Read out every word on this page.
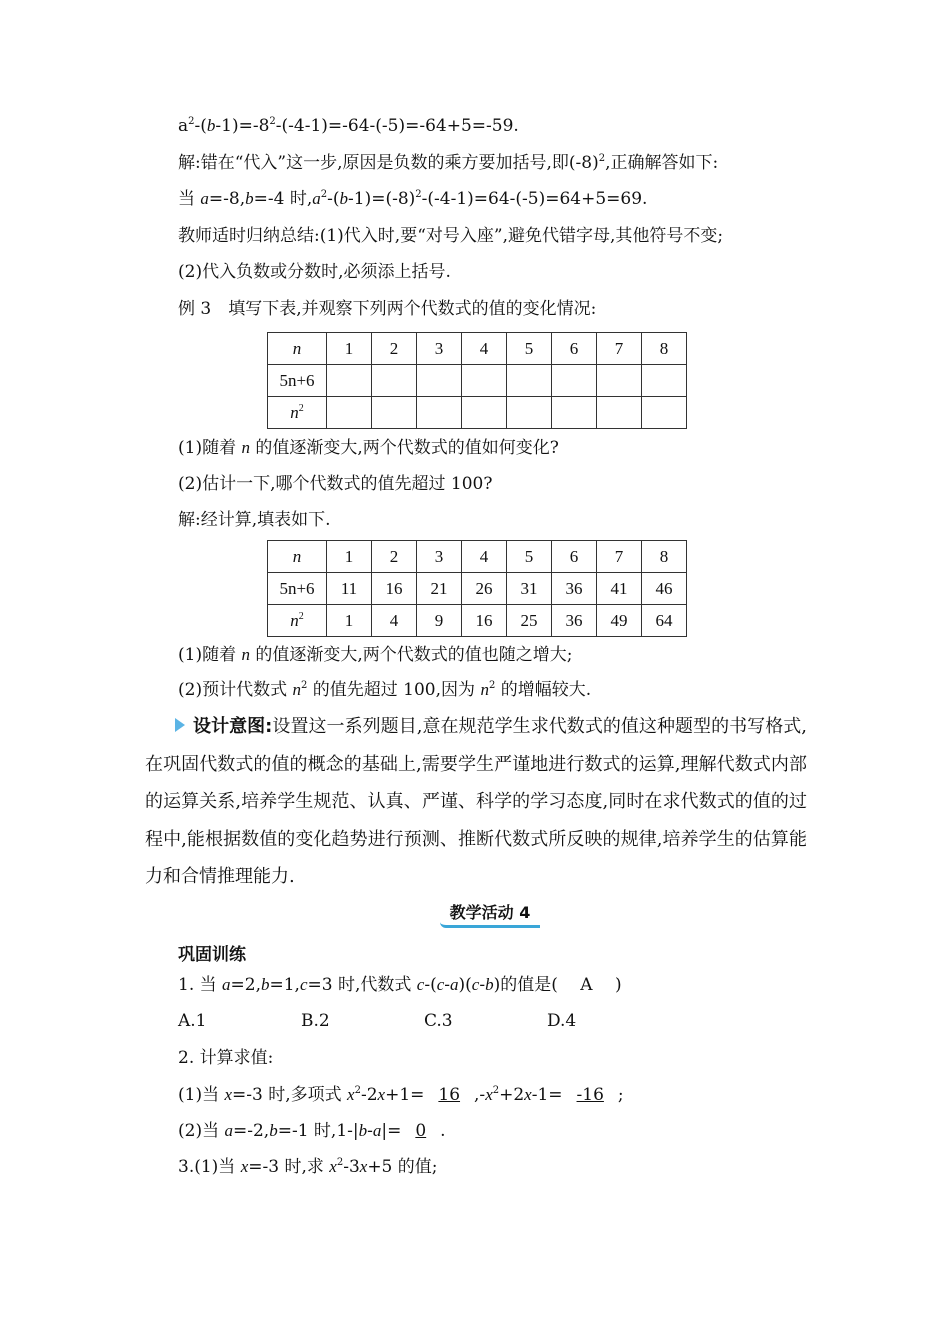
$a^2-(b-1)=-8^2-(-4-1)=-64-(-5)=-64+5=-59$.
解:错在“代入”这一步,原因是负数的乘方要加括号,即$(-8)^2$,正确解答如下:
当 a=-8,b=-4 时$,a^2-(b-1)=(-8)^2-(-4-1)=64-(-5)=64+5=69$.
教师适时归纳总结:(1)代入时,要“对号入座”,避免代错字母,其他符号不变;
(2)代入负数或分数时,必须添上括号.
例 3　填写下表,并观察下列两个代数式的值的变化情况:
n	1	2	3	4	5	6	7	8
5n+6								
$n^2$								
(1)随着 n 的值逐渐变大,两个代数式的值如何变化?
(2)估计一下,哪个代数式的值先超过 100?
解:经计算,填表如下.
n	1	2	3	4	5	6	7	8
5n+6	11	16	21	26	31	36	41	46
$n^2$	1	4	9	16	25	36	49	64
(1)随着 n 的值逐渐变大,两个代数式的值也随之增大;
(2)预计代数式 $n^2$ 的值先超过 100,因为 $n^2$ 的增幅较大.
设计意图:设置这一系列题目,意在规范学生求代数式的值这种题型的书写格式,在巩固代数式的值的概念的基础上,需要学生严谨地进行数式的运算,理解代数式内部的运算关系,培养学生规范、认真、严谨、科学的学习态度,同时在求代数式的值的过程中,能根据数值的变化趋势进行预测、推断代数式所反映的规律,培养学生的估算能力和合情推理能力.
教学活动 4
巩固训练
1. 当 a=2,b=1,c=3 时,代数式 c-(c-a)(c-b)的值是(　 A　 )
A.1	B.2	C.3	D.4
2. 计算求值:
(1)当 x=-3 时,多项式 $x^2-2x+1= 16$ $,-x^2+2x-1= -16$ ;
(2)当 a=-2,b=-1 时,1-|b-a|= 0 .
3.(1)当 x=-3 时,求 $x^2-3x+5$ 的值;
